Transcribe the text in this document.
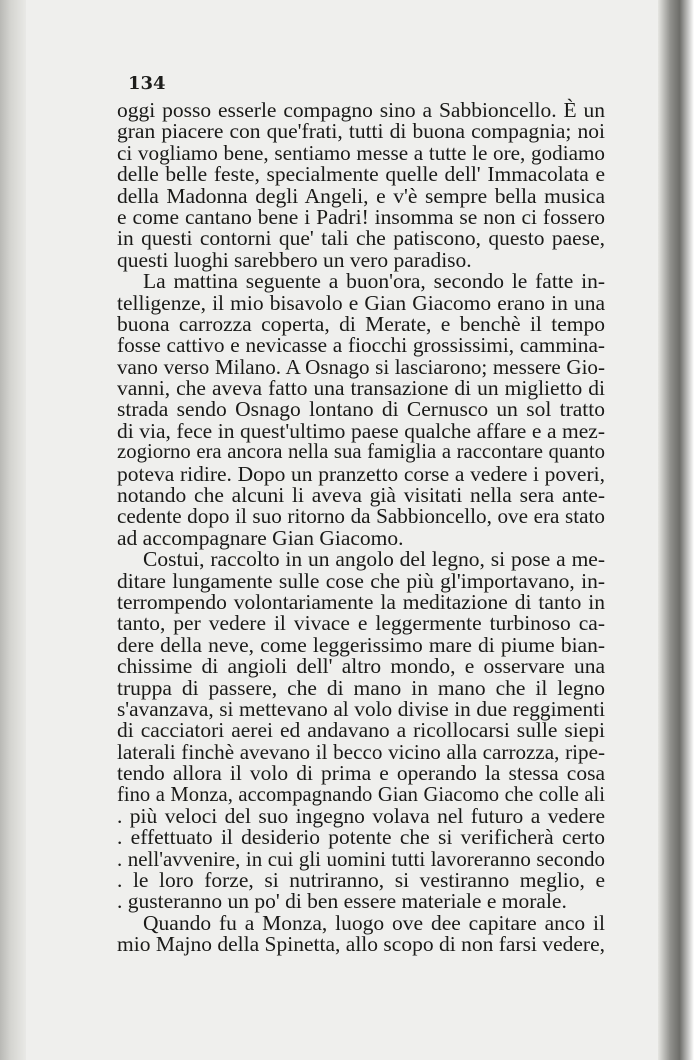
134
oggi posso esserle compagno sino a Sabbioncello. È un
gran piacere con que'frati, tutti di buona compagnia; noi
ci vogliamo bene, sentiamo messe a tutte le ore, godiamo
delle belle feste, specialmente quelle dell' Immacolata e
della Madonna degli Angeli, e v'è sempre bella musica
e come cantano bene i Padri! insomma se non ci fossero
in questi contorni que' tali che patiscono, questo paese,
questi luoghi sarebbero un vero paradiso.
La mattina seguente a buon'ora, secondo le fatte in-
telligenze, il mio bisavolo e Gian Giacomo erano in una
buona carrozza coperta, di Merate, e benchè il tempo
fosse cattivo e nevicasse a fiocchi grossissimi, cammina-
vano verso Milano. A Osnago si lasciarono; messere Gio-
vanni, che aveva fatto una transazione di un miglietto di
strada sendo Osnago lontano di Cernusco un sol tratto
di via, fece in quest'ultimo paese qualche affare e a mez-
zogiorno era ancora nella sua famiglia a raccontare quanto
poteva ridire. Dopo un pranzetto corse a vedere i poveri,
notando che alcuni li aveva già visitati nella sera ante-
cedente dopo il suo ritorno da Sabbioncello, ove era stato
ad accompagnare Gian Giacomo.
Costui, raccolto in un angolo del legno, si pose a me-
ditare lungamente sulle cose che più gl'importavano, in-
terrompendo volontariamente la meditazione di tanto in
tanto, per vedere il vivace e leggermente turbinoso ca-
dere della neve, come leggerissimo mare di piume bian-
chissime di angioli dell' altro mondo, e osservare una
truppa di passere, che di mano in mano che il legno
s'avanzava, si mettevano al volo divise in due reggimenti
di cacciatori aerei ed andavano a ricollocarsi sulle siepi
laterali finchè avevano il becco vicino alla carrozza, ripe-
tendo allora il volo di prima e operando la stessa cosa
fino a Monza, accompagnando Gian Giacomo che colle ali
. più veloci del suo ingegno volava nel futuro a vedere
. effettuato il desiderio potente che si verificherà certo
. nell'avvenire, in cui gli uomini tutti lavoreranno secondo
. le loro forze, si nutriranno, si vestiranno meglio, e
. gusteranno un po' di ben essere materiale e morale.
Quando fu a Monza, luogo ove dee capitare anco il
mio Majno della Spinetta, allo scopo di non farsi vedere,
